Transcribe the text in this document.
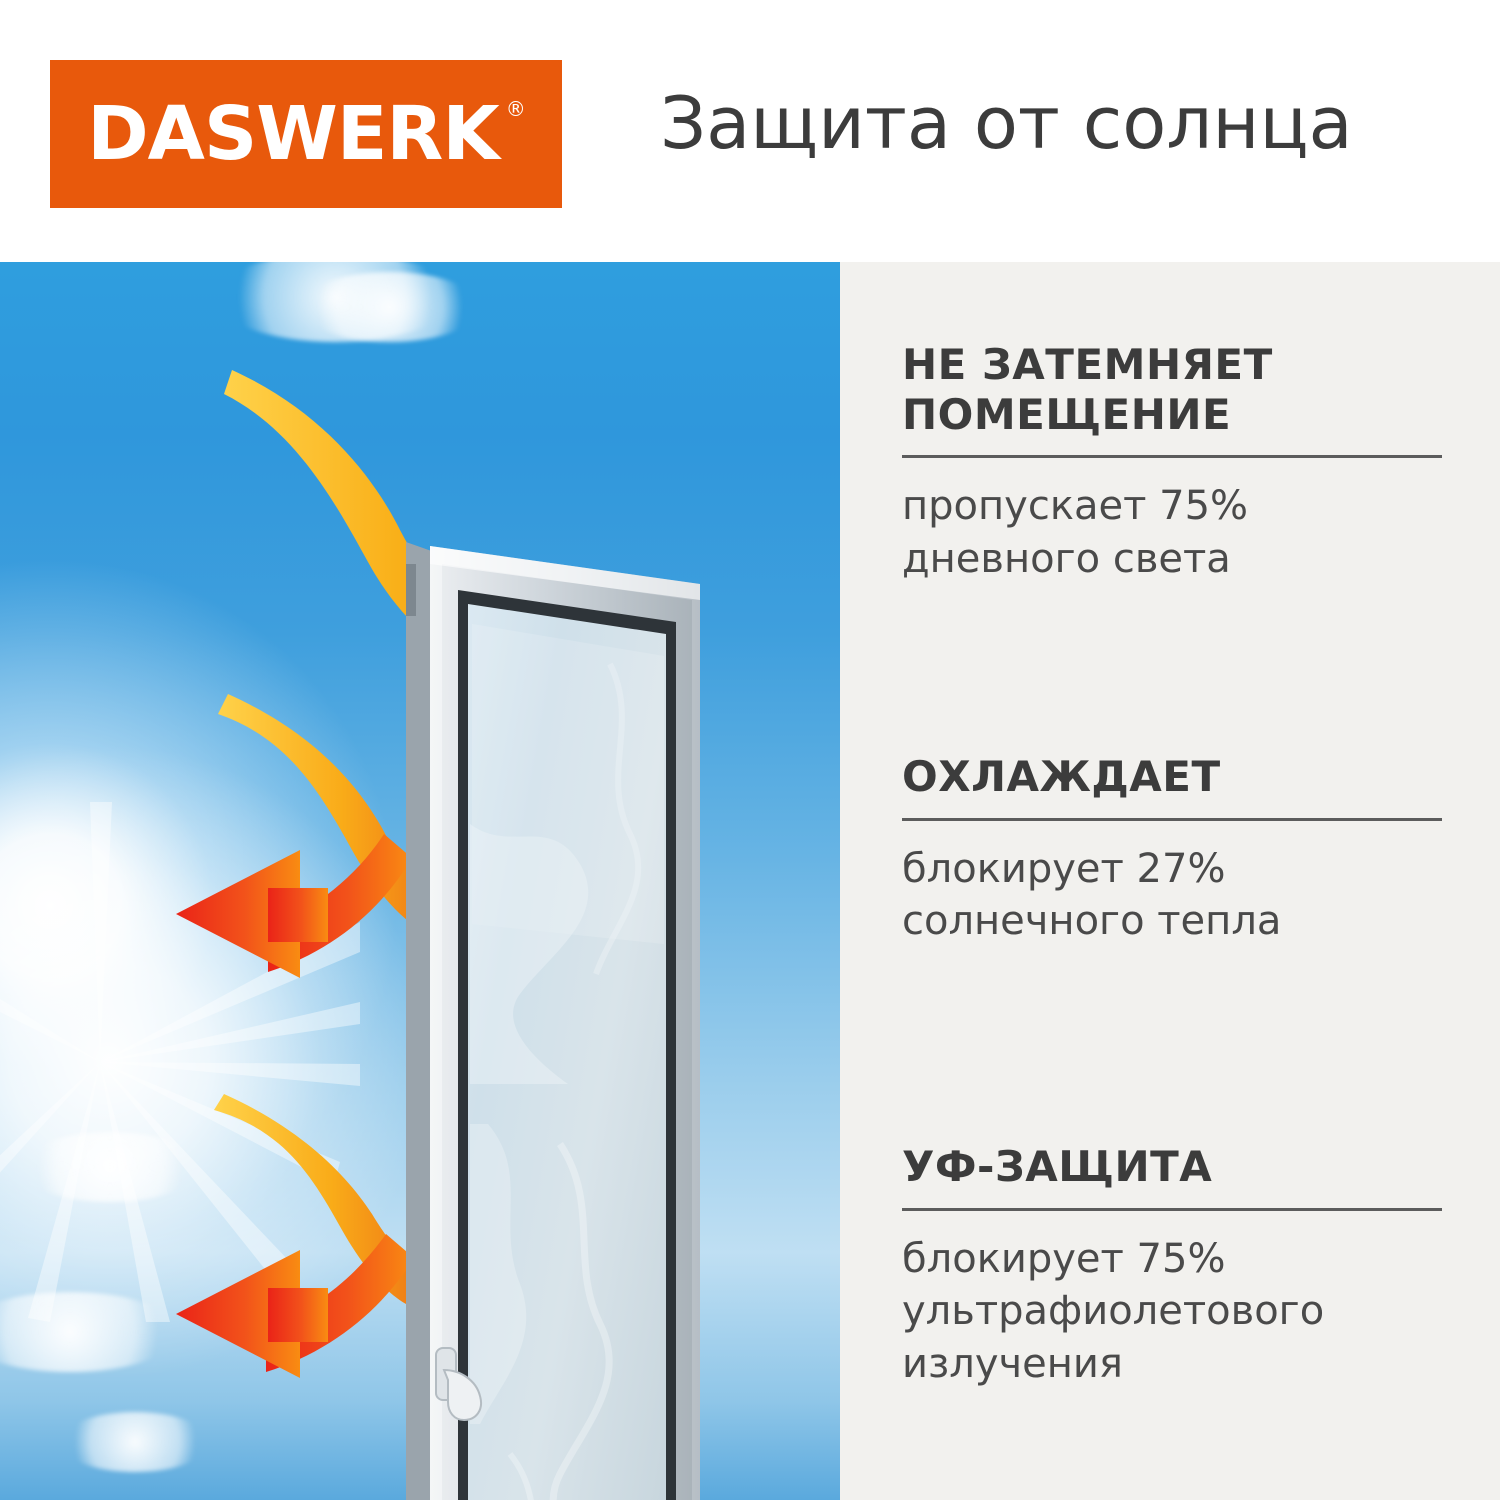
DASWERK ® Защита от солнца
НЕ ЗАТЕМНЯЕТ ПОМЕЩЕНИЕ

пропускает 75% дневного света

ОХЛАЖДАЕТ

блокирует 27% солнечного тепла

УФ-ЗАЩИТА

блокирует 75% ультрафиолетового излучения
